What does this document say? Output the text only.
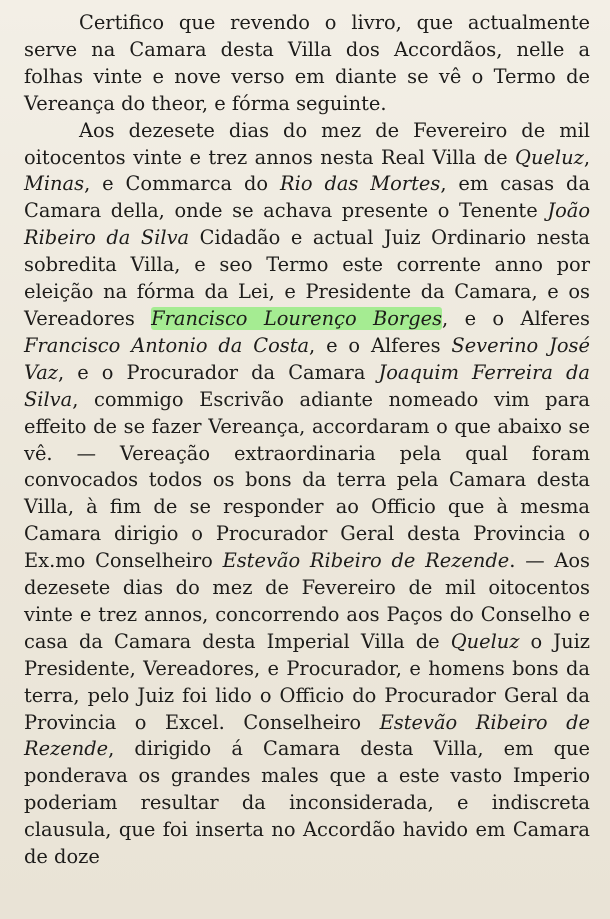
Certifico que revendo o livro, que actualmente serve na Camara desta Villa dos Accordãos, nelle a folhas vinte e nove verso em diante se vê o Termo de Vereança do theor, e fórma seguinte.

Aos dezesete dias do mez de Fevereiro de mil oitocentos vinte e trez annos nesta Real Villa de Queluz, Minas, e Commarca do Rio das Mortes, em casas da Camara della, onde se achava presente o Tenente João Ribeiro da Silva Cidadão e actual Juiz Ordinario nesta sobredita Villa, e seo Termo este corrente anno por eleição na fórma da Lei, e Presidente da Camara, e os Vereadores Francisco Lourenço Borges, e o Alferes Francisco Antonio da Costa, e o Alferes Severino José Vaz, e o Procurador da Camara Joaquim Ferreira da Silva, commigo Escrivão adiante nomeado vim para effeito de se fazer Vereança, accordaram o que abaixo se vê. — Vereação extraordinaria pela qual foram convocados todos os bons da terra pela Camara desta Villa, à fim de se responder ao Officio que à mesma Camara dirigio o Procurador Geral desta Provincia o Ex.mo Conselheiro Estevão Ribeiro de Rezende. — Aos dezesete dias do mez de Fevereiro de mil oitocentos vinte e trez annos, concorrendo aos Paços do Conselho e casa da Camara desta Imperial Villa de Queluz o Juiz Presidente, Vereadores, e Procurador, e homens bons da terra, pelo Juiz foi lido o Officio do Procurador Geral da Provincia o Excel. Conselheiro Estevão Ribeiro de Rezende, dirigido á Camara desta Villa, em que ponderava os grandes males que a este vasto Imperio poderiam resultar da inconsiderada, e indiscreta clausula, que foi inserta no Accordão havido em Camara de doze
